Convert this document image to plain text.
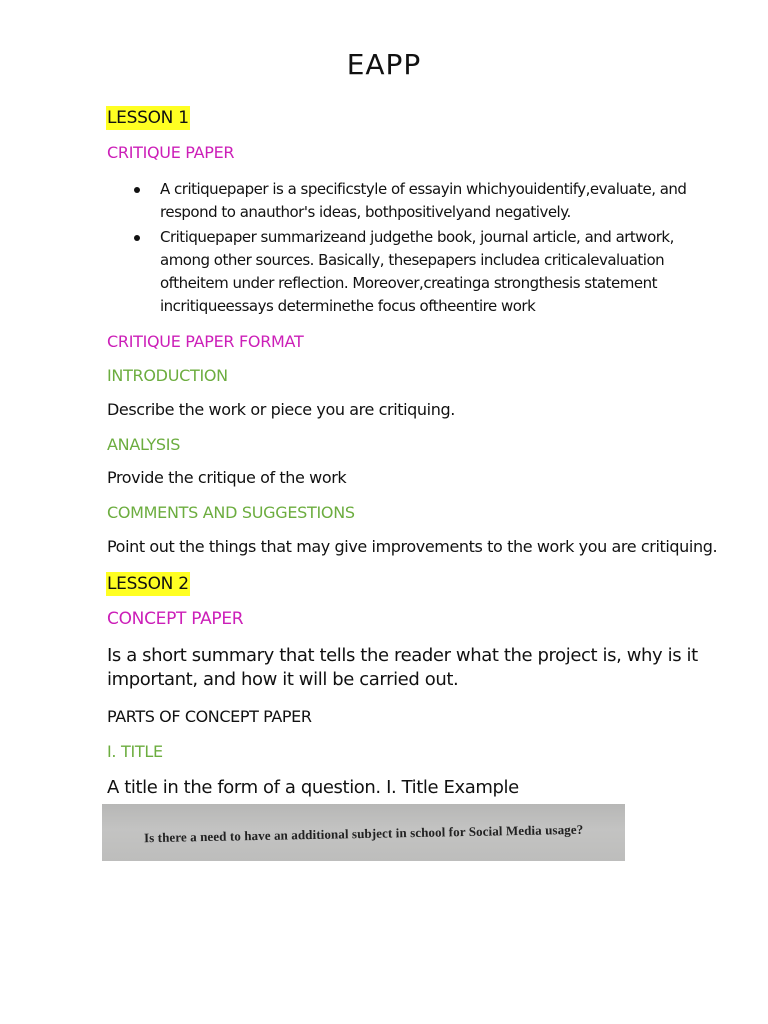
EAPP
LESSON 1
CRITIQUE PAPER
A critiquepaper is a specificstyle of essayin whichyouidentify,evaluate, and
respond to anauthor's ideas, bothpositivelyand negatively.
Critiquepaper summarizeand judgethe book, journal article, and artwork,
among other sources. Basically, thesepapers includea criticalevaluation
oftheitem under reflection. Moreover,creatinga strongthesis statement
incritiqueessays determinethe focus oftheentire work
CRITIQUE PAPER FORMAT
INTRODUCTION
Describe the work or piece you are critiquing.
ANALYSIS
Provide the critique of the work
COMMENTS AND SUGGESTIONS
Point out the things that may give improvements to the work you are critiquing.
LESSON 2
CONCEPT PAPER
Is a short summary that tells the reader what the project is, why is it
important, and how it will be carried out.
PARTS OF CONCEPT PAPER
I. TITLE
A title in the form of a question. I. Title Example
Is there a need to have an additional subject in school for Social Media usage?
